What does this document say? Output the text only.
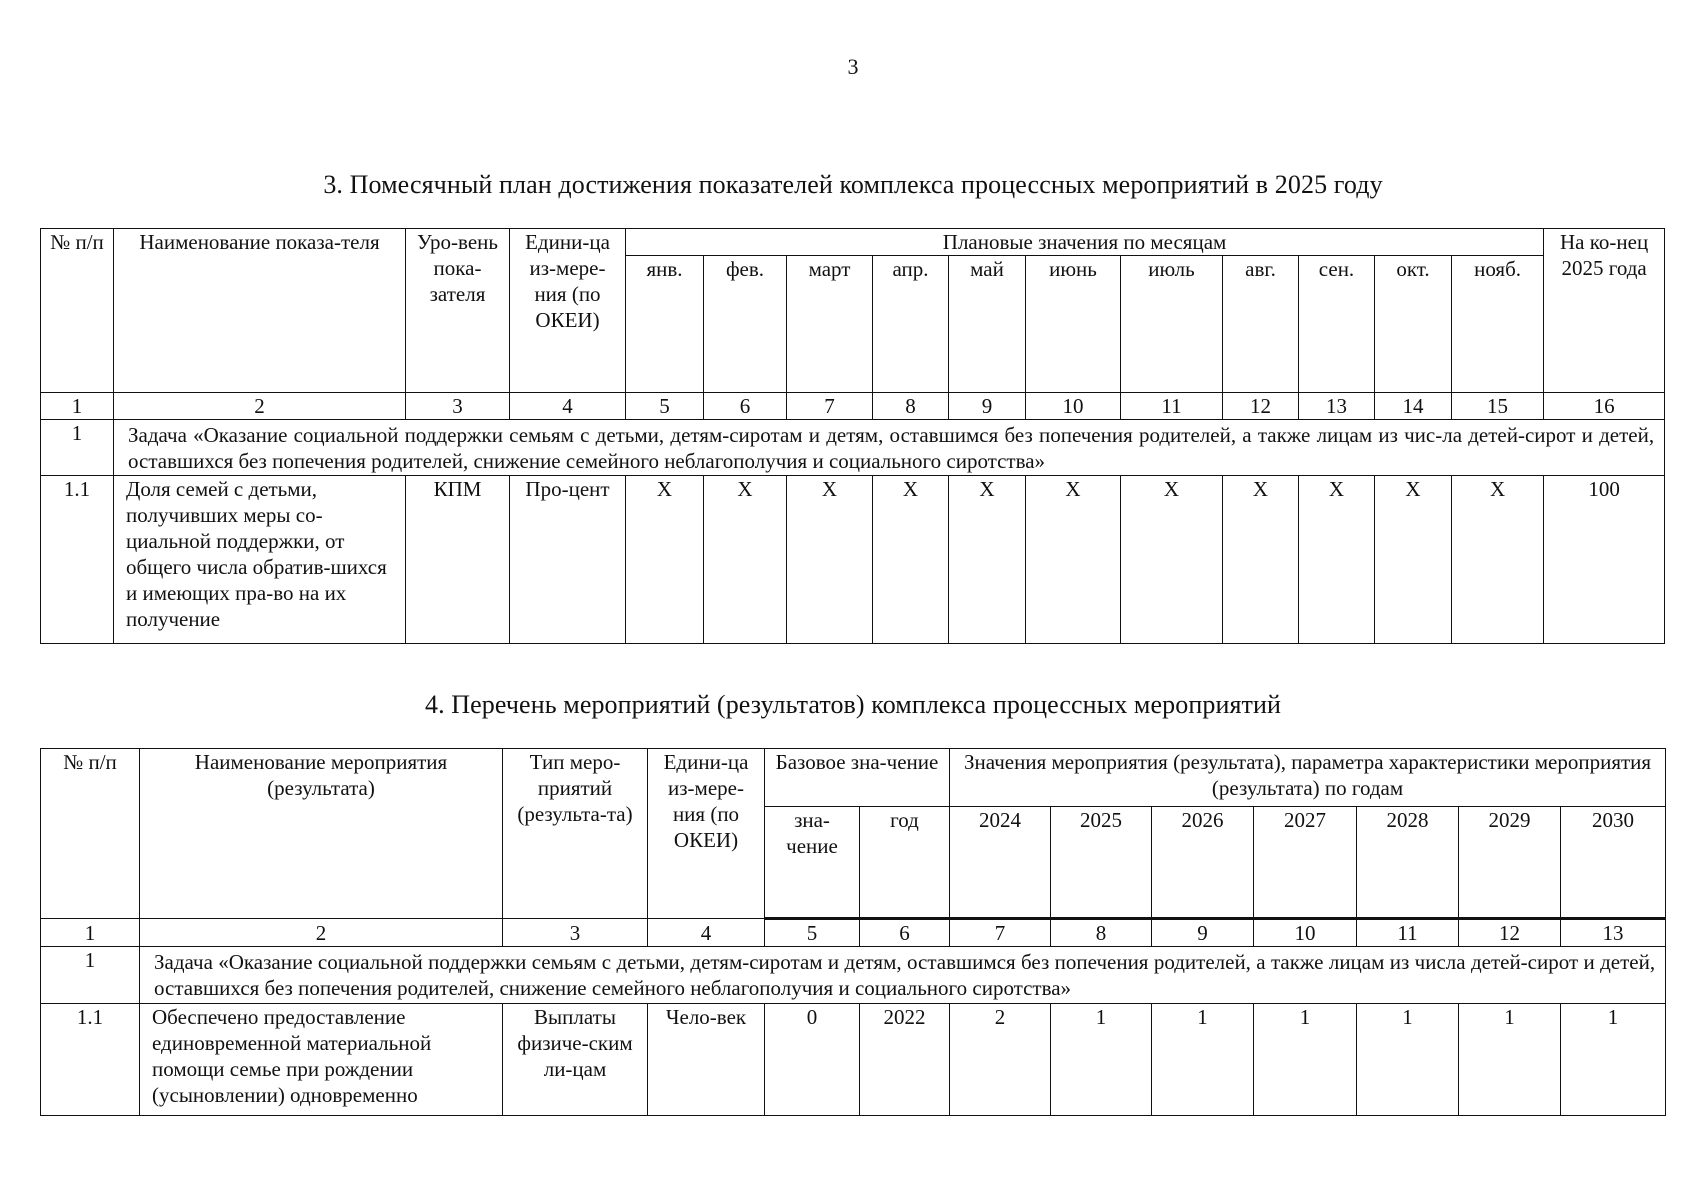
3
3. Помесячный план достижения показателей комплекса процессных мероприятий в 2025 году
№ п/п	Наименование показа-теля	Уро-вень пока-зателя	Едини-ца из-мере-ния (по ОКЕИ)	Плановые значения по месяцам											На ко-нец 2025 года
				янв.	фев.	март	апр.	май	июнь	июль	авг.	сен.	окт.	нояб.	
1	2	3	4	5	6	7	8	9	10	11	12	13	14	15	16
1	Задача «Оказание социальной поддержки семьям с детьми, детям-сиротам и детям, оставшимся без попечения родителей, а также лицам из чис-ла детей-сирот и детей, оставшихся без попечения родителей, снижение семейного неблагополучия и социального сиротства»														
1.1	Доля семей с детьми, получивших меры со-циальной поддержки, от общего числа обратив-шихся и имеющих пра-во на их получение	КПМ	Про-цент	X	X	X	X	X	X	X	X	X	X	X	100
4. Перечень мероприятий (результатов) комплекса процессных мероприятий
№ п/п	Наименование мероприятия (результата)	Тип меро-приятий (результа-та)	Едини-ца из-мере-ния (по ОКЕИ)	Базовое зна-чение		Значения мероприятия (результата), параметра характеристики мероприятия (результата) по годам						
				зна-чение	год	2024	2025	2026	2027	2028	2029	2030
1	2	3	4	5	6	7	8	9	10	11	12	13
1	Задача «Оказание социальной поддержки семьям с детьми, детям-сиротам и детям, оставшимся без попечения родителей, а также лицам из числа детей-сирот и детей, оставшихся без попечения родителей, снижение семейного неблагополучия и социального сиротства»											
1.1	Обеспечено предоставление единовременной материальной помощи семье при рождении (усыновлении) одновременно	Выплаты физиче-ским ли-цам	Чело-век	0	2022	2	1	1	1	1	1	1
